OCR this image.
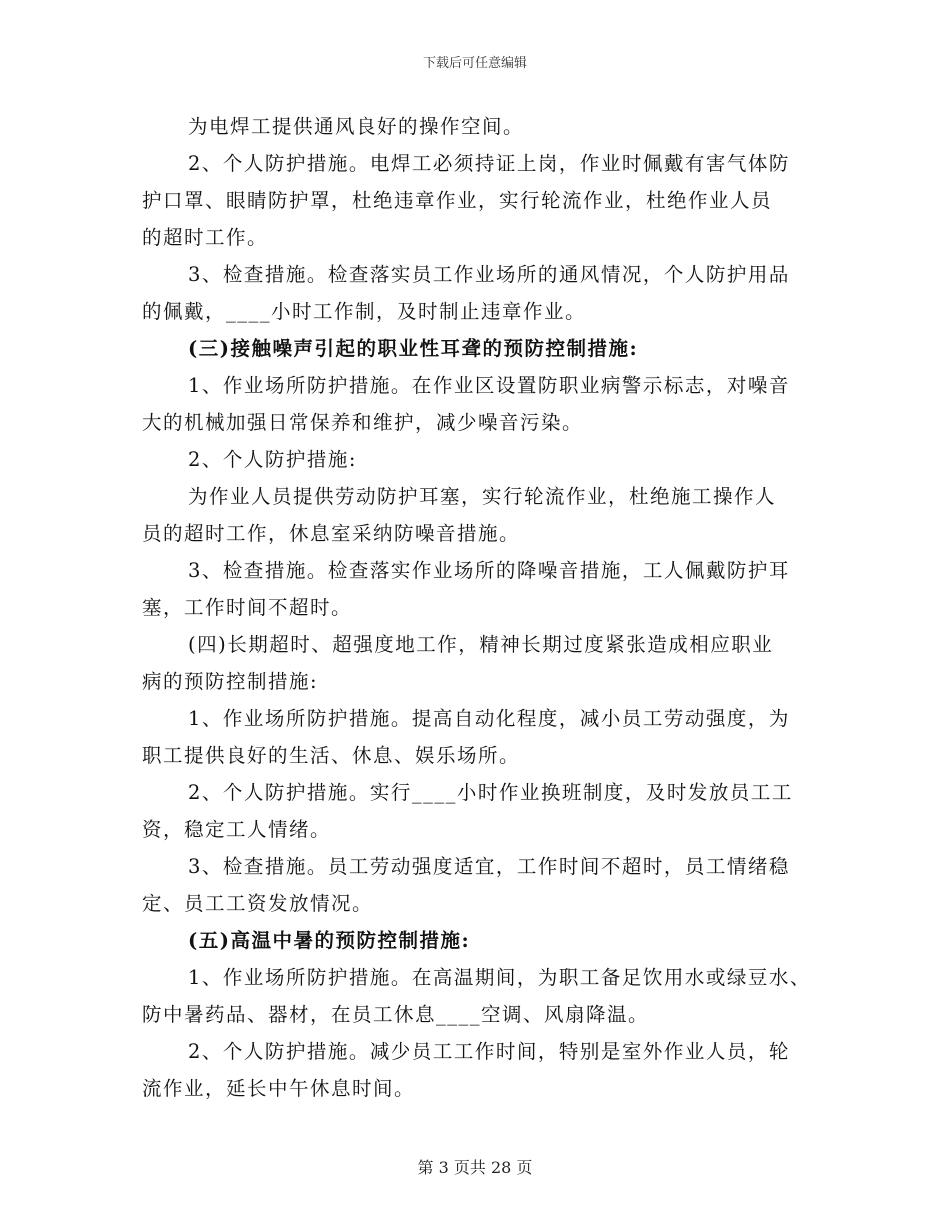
下载后可任意编辑

为电焊工提供通风良好的操作空间。

2、个人防护措施。电焊工必须持证上岗，作业时佩戴有害气体防

护口罩、眼睛防护罩，杜绝违章作业，实行轮流作业，杜绝作业人员

的超时工作。

3、检查措施。检查落实员工作业场所的通风情况，个人防护用品

的佩戴，____小时工作制，及时制止违章作业。

(三)接触噪声引起的职业性耳聋的预防控制措施:

1、作业场所防护措施。在作业区设置防职业病警示标志，对噪音

大的机械加强日常保养和维护，减少噪音污染。

2、个人防护措施:

为作业人员提供劳动防护耳塞，实行轮流作业，杜绝施工操作人

员的超时工作，休息室采纳防噪音措施。

3、检查措施。检查落实作业场所的降噪音措施，工人佩戴防护耳

塞，工作时间不超时。

(四)长期超时、超强度地工作，精神长期过度紧张造成相应职业

病的预防控制措施:

1、作业场所防护措施。提高自动化程度，减小员工劳动强度，为

职工提供良好的生活、休息、娱乐场所。

2、个人防护措施。实行____小时作业换班制度，及时发放员工工

资，稳定工人情绪。

3、检查措施。员工劳动强度适宜，工作时间不超时，员工情绪稳

定、员工工资发放情况。

(五)高温中暑的预防控制措施:

1、作业场所防护措施。在高温期间，为职工备足饮用水或绿豆水、

防中暑药品、器材，在员工休息____空调、风扇降温。

2、个人防护措施。减少员工工作时间，特别是室外作业人员，轮

流作业，延长中午休息时间。

第 3 页共 28 页
